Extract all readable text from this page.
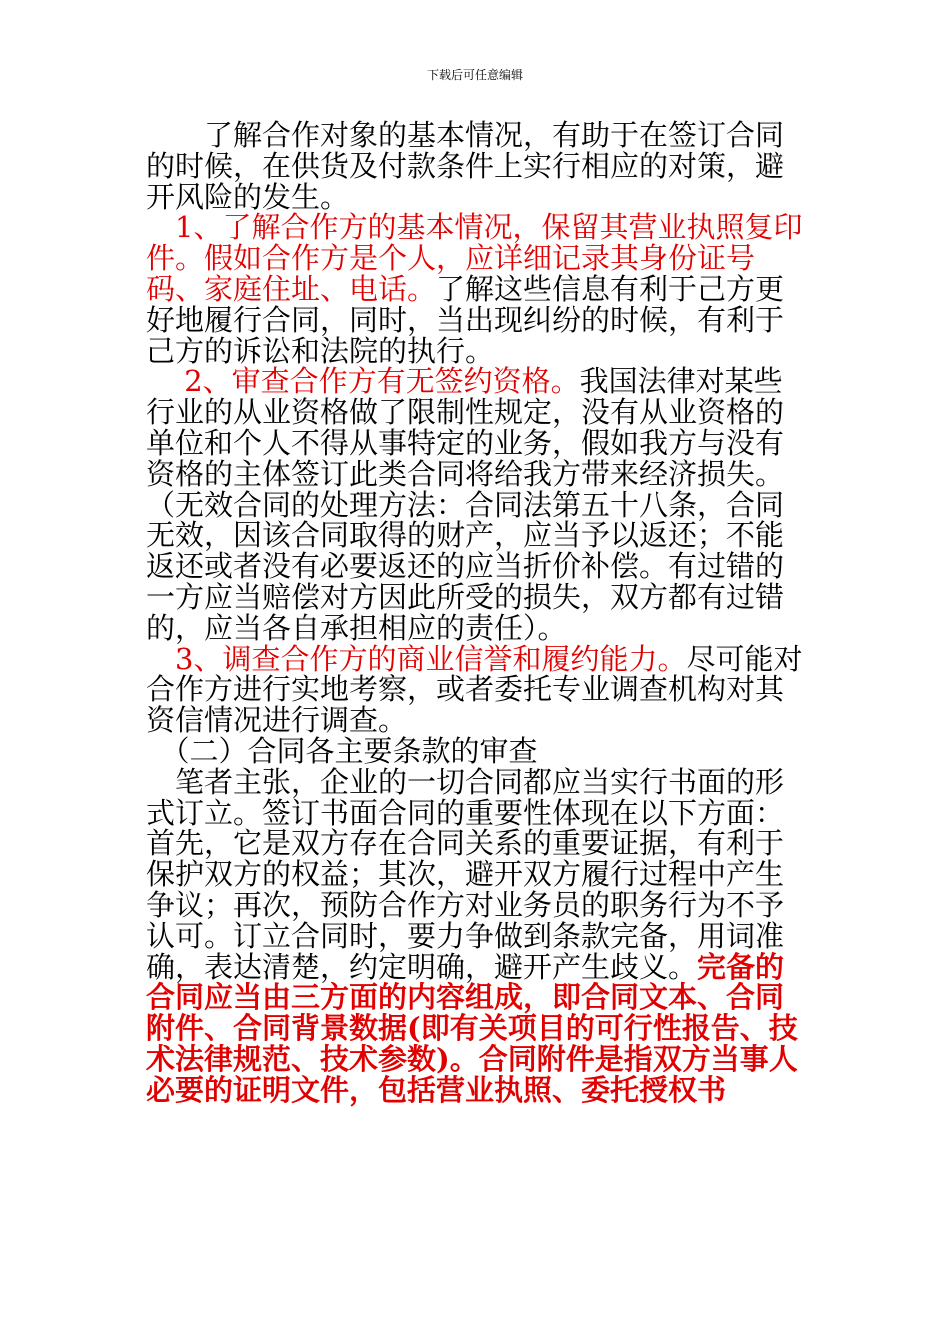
下载后可任意编辑

　　了解合作对象的基本情况，有助于在签订合同的时候，在供货及付款条件上实行相应的对策，避开风险的发生。

　1、了解合作方的基本情况，保留其营业执照复印件。假如合作方是个人，应详细记录其身份证号码、家庭住址、电话。了解这些信息有利于己方更好地履行合同，同时，当出现纠纷的时候，有利于己方的诉讼和法院的执行。

　 2、审查合作方有无签约资格。我国法律对某些行业的从业资格做了限制性规定，没有从业资格的单位和个人不得从事特定的业务，假如我方与没有资格的主体签订此类合同将给我方带来经济损失。（无效合同的处理方法：合同法第五十八条，合同无效，因该合同取得的财产，应当予以返还；不能返还或者没有必要返还的应当折价补偿。有过错的一方应当赔偿对方因此所受的损失，双方都有过错的，应当各自承担相应的责任）。

　3、调查合作方的商业信誉和履约能力。尽可能对合作方进行实地考察，或者委托专业调查机构对其资信情况进行调查。

　（二）合同各主要条款的审查

　笔者主张，企业的一切合同都应当实行书面的形式订立。签订书面合同的重要性体现在以下方面：首先，它是双方存在合同关系的重要证据，有利于保护双方的权益；其次，避开双方履行过程中产生争议；再次，预防合作方对业务员的职务行为不予认可。订立合同时，要力争做到条款完备，用词准确，表达清楚，约定明确，避开产生歧义。完备的合同应当由三方面的内容组成，即合同文本、合同附件、合同背景数据(即有关项目的可行性报告、技术法律规范、技术参数)。合同附件是指双方当事人必要的证明文件，包括营业执照、委托授权书
